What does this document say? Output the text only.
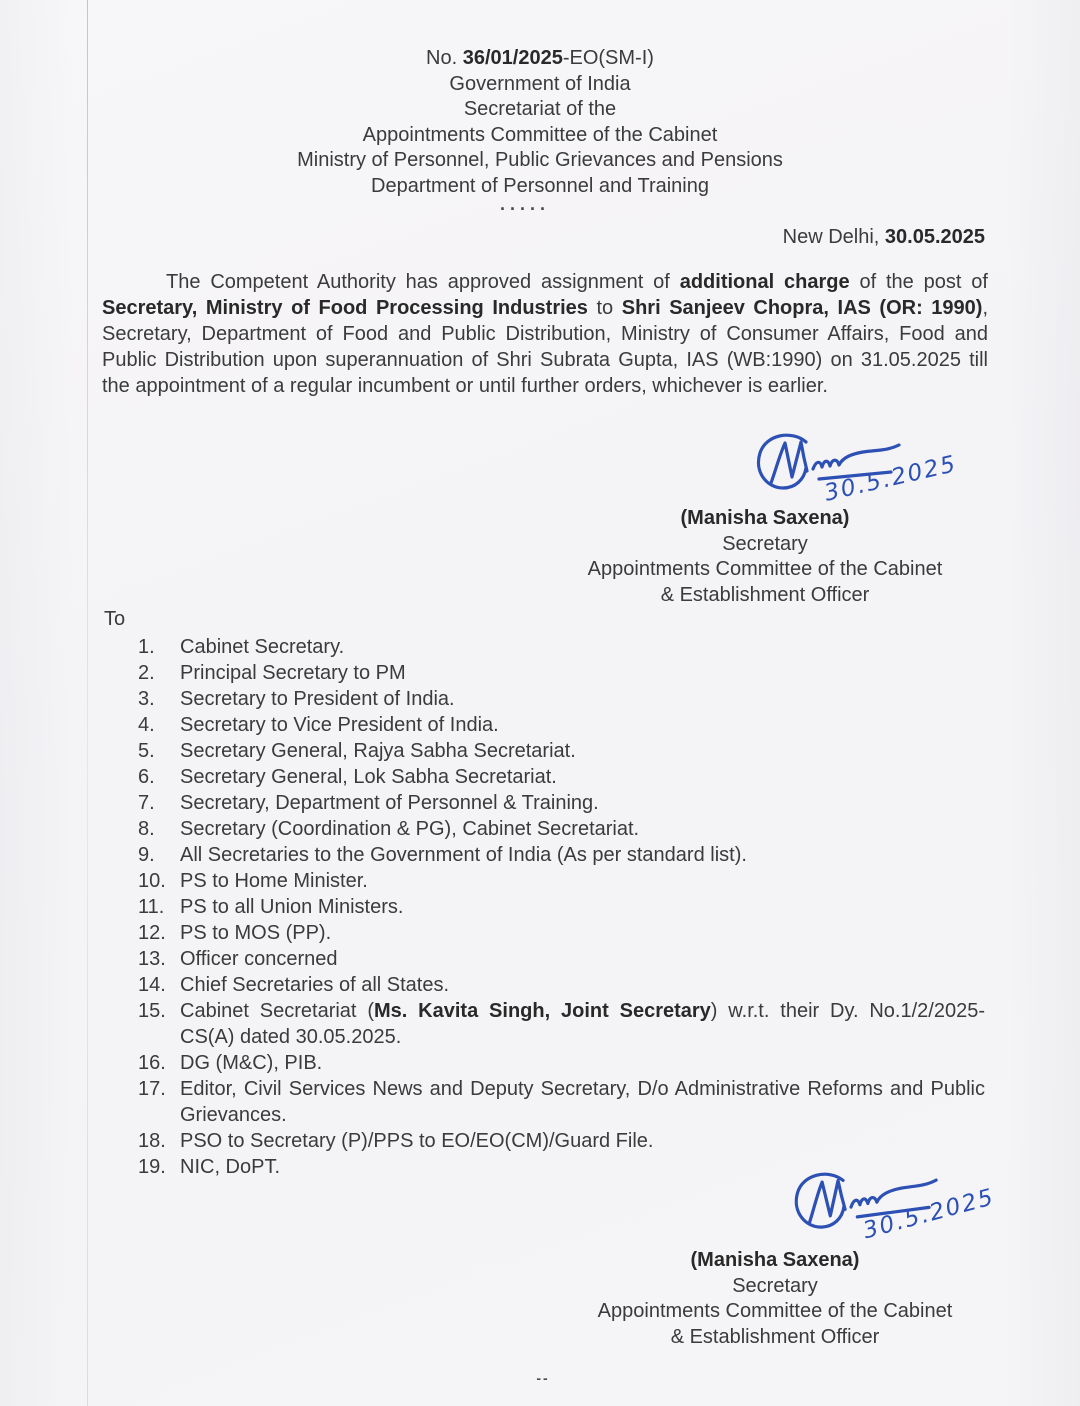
No. 36/01/2025-EO(SM-I)
Government of India
Secretariat of the
Appointments Committee of the Cabinet
Ministry of Personnel, Public Grievances and Pensions
Department of Personnel and Training
.....
New Delhi, 30.05.2025

The Competent Authority has approved assignment of additional charge of the post of Secretary, Ministry of Food Processing Industries to Shri Sanjeev Chopra, IAS (OR: 1990), Secretary, Department of Food and Public Distribution, Ministry of Consumer Affairs, Food and Public Distribution upon superannuation of Shri Subrata Gupta, IAS (WB:1990) on 31.05.2025 till the appointment of a regular incumbent or until further orders, whichever is earlier.

30.5.2025
(Manisha Saxena)
Secretary
Appointments Committee of the Cabinet
& Establishment Officer
To
1.	Cabinet Secretary.
2.	Principal Secretary to PM
3.	Secretary to President of India.
4.	Secretary to Vice President of India.
5.	Secretary General, Rajya Sabha Secretariat.
6.	Secretary General, Lok Sabha Secretariat.
7.	Secretary, Department of Personnel & Training.
8.	Secretary (Coordination & PG), Cabinet Secretariat.
9.	All Secretaries to the Government of India (As per standard list).
10. PS to Home Minister.
11. PS to all Union Ministers.
12. PS to MOS (PP).
13. Officer concerned
14. Chief Secretaries of all States.
15. Cabinet Secretariat (Ms. Kavita Singh, Joint Secretary) w.r.t. their Dy. No.1/2/2025-CS(A) dated 30.05.2025.
16. DG (M&C), PIB.
17. Editor, Civil Services News and Deputy Secretary, D/o Administrative Reforms and Public Grievances.
18. PSO to Secretary (P)/PPS to EO/EO(CM)/Guard File.
19. NIC, DoPT.
30.5.2025
(Manisha Saxena)
Secretary
Appointments Committee of the Cabinet
& Establishment Officer
--
